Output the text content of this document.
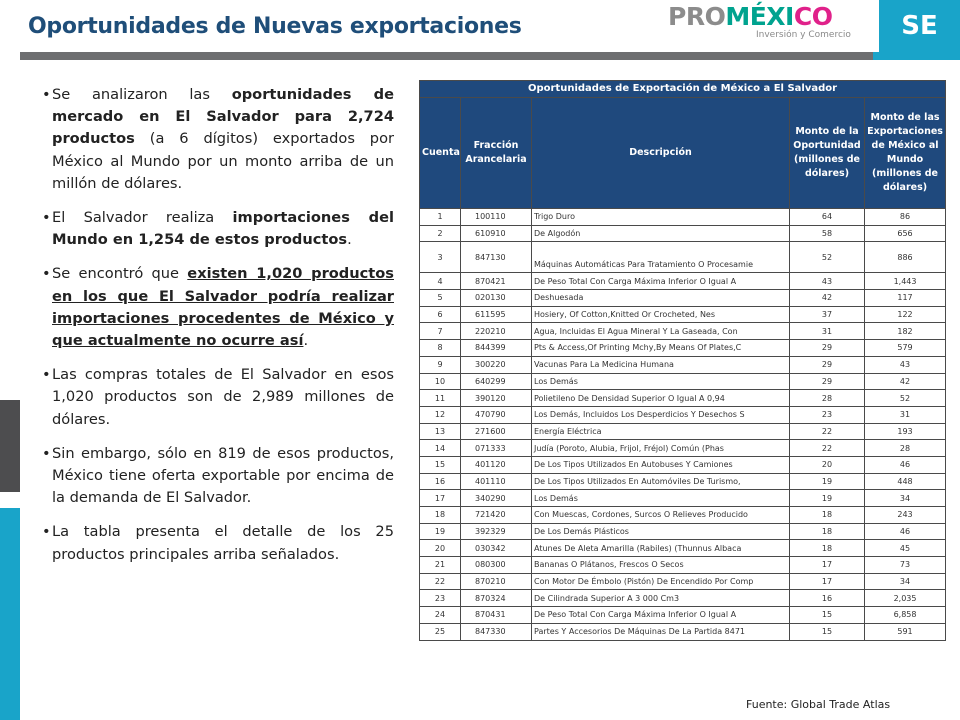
Oportunidades de Nuevas exportaciones	PROMÉXICO
Inversión y Comercio	SE
• Se analizaron las oportunidades de mercado en El Salvador para 2,724 productos (a 6 dígitos) exportados por México al Mundo por un monto arriba de un millón de dólares.
• El Salvador realiza importaciones del Mundo en 1,254 de estos productos.
• Se encontró que existen 1,020 productos en los que El Salvador podría realizar importaciones procedentes de México y que actualmente no ocurre así.
• Las compras totales de El Salvador en esos 1,020 productos son de 2,989 millones de dólares.
• Sin embargo, sólo en 819 de esos productos, México tiene oferta exportable por encima de la demanda de El Salvador.
• La tabla presenta el detalle de los 25 productos principales arriba señalados.
Oportunidades de Exportación de México a El Salvador				
Cuenta	Fracción Arancelaria	Descripción	Monto de la Oportunidad (millones de dólares)	Monto de las Exportaciones de México al Mundo (millones de dólares)
1	100110	Trigo Duro	64	86
2	610910	De Algodón	58	656
3	847130	Máquinas Automáticas Para Tratamiento O Procesamie	52	886
4	870421	De Peso Total Con Carga Máxima Inferior O Igual A	43	1,443
5	020130	Deshuesada	42	117
6	611595	Hosiery, Of Cotton,Knitted Or Crocheted, Nes	37	122
7	220210	Agua, Incluidas El Agua Mineral Y La Gaseada, Con	31	182
8	844399	Pts & Access,Of Printing Mchy,By Means Of Plates,C	29	579
9	300220	Vacunas Para La Medicina Humana	29	43
10	640299	Los Demás	29	42
11	390120	Polietileno De Densidad Superior O Igual A 0,94	28	52
12	470790	Los Demás, Incluidos Los Desperdicios Y Desechos S	23	31
13	271600	Energía Eléctrica	22	193
14	071333	Judía (Poroto, Alubia, Frijol, Fréjol) Común (Phas	22	28
15	401120	De Los Tipos Utilizados En Autobuses Y Camiones	20	46
16	401110	De Los Tipos Utilizados En Automóviles De Turismo,	19	448
17	340290	Los Demás	19	34
18	721420	Con Muescas, Cordones, Surcos O Relieves Producido	18	243
19	392329	De Los Demás Plásticos	18	46
20	030342	Atunes De Aleta Amarilla (Rabiles) (Thunnus Albaca	18	45
21	080300	Bananas O Plátanos, Frescos O Secos	17	73
22	870210	Con Motor De Émbolo (Pistón) De Encendido Por Comp	17	34
23	870324	De Cilindrada Superior A 3 000 Cm3	16	2,035
24	870431	De Peso Total Con Carga Máxima Inferior O Igual A	15	6,858
25	847330	Partes Y Accesorios De Máquinas De La Partida 8471	15	591
Fuente: Global Trade Atlas
